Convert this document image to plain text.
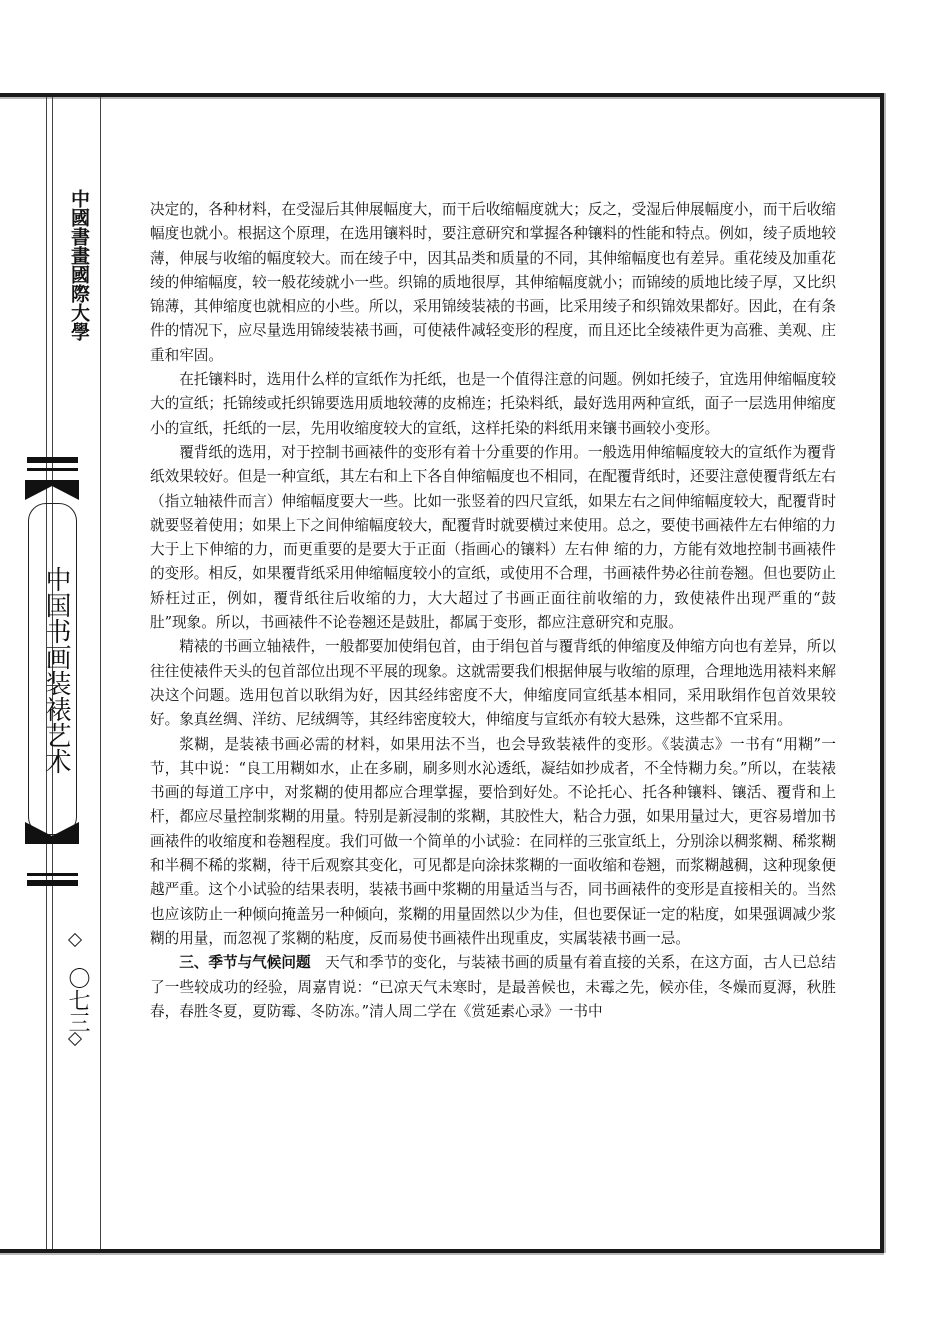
中國書畫國際大學
中国书画装裱艺术
〇七三

决定的，各种材料，在受湿后其伸展幅度大，而干后收缩幅度就大；反之，受湿后伸展幅度小，而干后收缩幅度也就小。根据这个原理，在选用镶料时，要注意研究和掌握各种镶料的性能和特点。例如，绫子质地较薄，伸展与收缩的幅度较大。而在绫子中，因其品类和质量的不同，其伸缩幅度也有差异。重花绫及加重花绫的伸缩幅度，较一般花绫就小一些。织锦的质地很厚，其伸缩幅度就小；而锦绫的质地比绫子厚，又比织锦薄，其伸缩度也就相应的小些。所以，采用锦绫装裱的书画，比采用绫子和织锦效果都好。因此，在有条件的情况下，应尽量选用锦绫装裱书画，可使裱件减轻变形的程度，而且还比全绫裱件更为高雅、美观、庄重和牢固。

在托镶料时，选用什么样的宣纸作为托纸，也是一个值得注意的问题。例如托绫子，宜选用伸缩幅度较大的宣纸；托锦绫或托织锦要选用质地较薄的皮棉连；托染料纸，最好选用两种宣纸，面子一层选用伸缩度小的宣纸，托纸的一层，先用收缩度较大的宣纸，这样托染的料纸用来镶书画较小变形。

覆背纸的选用，对于控制书画裱件的变形有着十分重要的作用。一般选用伸缩幅度较大的宣纸作为覆背纸效果较好。但是一种宣纸，其左右和上下各自伸缩幅度也不相同，在配覆背纸时，还要注意使覆背纸左右（指立轴裱件而言）伸缩幅度要大一些。比如一张竖着的四尺宣纸，如果左右之间伸缩幅度较大，配覆背时就要竖着使用；如果上下之间伸缩幅度较大，配覆背时就要横过来使用。总之，要使书画裱件左右伸缩的力大于上下伸缩的力，而更重要的是要大于正面（指画心的镶料）左右伸 缩的力，方能有效地控制书画裱件的变形。相反，如果覆背纸采用伸缩幅度较小的宣纸，或使用不合理，书画裱件势必往前卷翘。但也要防止矫枉过正，例如，覆背纸往后收缩的力，大大超过了书画正面往前收缩的力，致使裱件出现严重的“鼓肚”现象。所以，书画裱件不论卷翘还是鼓肚，都属于变形，都应注意研究和克服。

精裱的书画立轴裱件，一般都要加使绢包首，由于绢包首与覆背纸的伸缩度及伸缩方向也有差异，所以往往使裱件天头的包首部位出现不平展的现象。这就需要我们根据伸展与收缩的原理，合理地选用裱料来解决这个问题。选用包首以耿绢为好，因其经纬密度不大，伸缩度同宣纸基本相同，采用耿绢作包首效果较好。象真丝绸、洋纺、尼绒绸等，其经纬密度较大，伸缩度与宣纸亦有较大悬殊，这些都不宜采用。

浆糊，是装裱书画必需的材料，如果用法不当，也会导致装裱件的变形。《装潢志》一书有“用糊”一节，其中说：“良工用糊如水，止在多刷，刷多则水沁透纸，凝结如抄成者，不全恃糊力矣。”所以，在装裱书画的每道工序中，对浆糊的使用都应合理掌握，要恰到好处。不论托心、托各种镶料、镶活、覆背和上杆，都应尽量控制浆糊的用量。特别是新浸制的浆糊，其胶性大，粘合力强，如果用量过大，更容易增加书画裱件的收缩度和卷翘程度。我们可做一个简单的小试验：在同样的三张宣纸上，分别涂以稠浆糊、稀浆糊和半稠不稀的浆糊，待干后观察其变化，可见都是向涂抹浆糊的一面收缩和卷翘，而浆糊越稠，这种现象便越严重。这个小试验的结果表明，装裱书画中浆糊的用量适当与否，同书画裱件的变形是直接相关的。当然也应该防止一种倾向掩盖另一种倾向，浆糊的用量固然以少为佳，但也要保证一定的粘度，如果强调减少浆糊的用量，而忽视了浆糊的粘度，反而易使书画裱件出现重皮，实属装裱书画一忌。

三、季节与气候问题　 天气和季节的变化，与装裱书画的质量有着直接的关系，在这方面，古人已总结了一些较成功的经验，周嘉胄说：“已凉天气未寒时，是最善候也，未霉之先，候亦佳，冬燥而夏溽，秋胜春，春胜冬夏，夏防霉、冬防冻。”清人周二学在《赏延素心录》一书中
